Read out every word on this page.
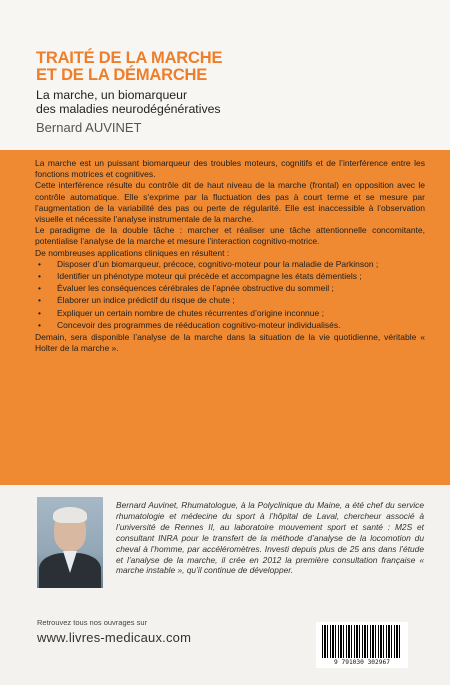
TRAITÉ DE LA MARCHE
ET DE LA DÉMARCHE
La marche, un biomarqueur
des maladies neurodégénératives
Bernard AUVINET

La marche est un puissant biomarqueur des troubles moteurs, cognitifs et de l’interférence entre les fonctions motrices et cognitives.

Cette interférence résulte du contrôle dit de haut niveau de la marche (frontal) en opposition avec le contrôle automatique. Elle s’exprime par la fluctuation des pas à court terme et se mesure par l’augmentation de la variabilité des pas ou perte de régularité. Elle est inaccessible à l’observation visuelle et nécessite l’analyse instrumentale de la marche.

Le paradigme de la double tâche : marcher et réaliser une tâche attentionnelle concomitante, potentialise l’analyse de la marche et mesure l’interaction cognitivo-motrice.

De nombreuses applications cliniques en résultent :

• Disposer d’un biomarqueur, précoce, cognitivo-moteur pour la maladie de Parkinson ;
• Identifier un phénotype moteur qui précède et accompagne les états démentiels ;
• Évaluer les conséquences cérébrales de l’apnée obstructive du sommeil ;
• Élaborer un indice prédictif du risque de chute ;
• Expliquer un certain nombre de chutes récurrentes d’origine inconnue ;
• Concevoir des programmes de rééducation cognitivo-moteur individualisés.

Demain, sera disponible l’analyse de la marche dans la situation de la vie quotidienne, véritable « Holter de la marche ».

Bernard Auvinet, Rhumatologue, à la Polyclinique du Maine, a été chef du service rhumatologie et médecine du sport à l’hôpital de Laval, chercheur associé à l’université de Rennes II, au laboratoire mouvement sport et santé : M2S et consultant INRA pour le transfert de la méthode d’analyse de la locomotion du cheval à l’homme, par accéléromètres. Investi depuis plus de 25 ans dans l’étude et l’analyse de la marche, il crée en 2012 la première consultation française « marche instable », qu’il continue de développer.
Retrouvez tous nos ouvrages sur
www.livres-medicaux.com
9 791030 302967
